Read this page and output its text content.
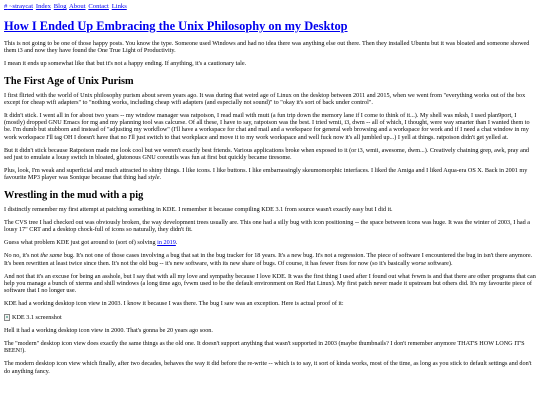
# ~straycat Index Blog About Contact Links
How I Ended Up Embracing the Unix Philosophy on my Desktop

This is not going to be one of those happy posts. You know the type. Someone used Windows and had no idea there was anything else out there. Then they installed Ubuntu but it was bloated and someone showed them i3 and now they have found the One True Light of Productivity.

I mean it ends up somewhat like that but it's not a happy ending. If anything, it's a cautionary tale.

The First Age of Unix Purism

I first flirted with the world of Unix philosophy purism about seven years ago. It was during that weird age of Linux on the desktop between 2011 and 2015, when we went from "everything works out of the box except for cheap wifi adapters" to "nothing works, including cheap wifi adapters (and especially not sound)" to "okay it's sort of back under control".

It didn't stick. I went all in for about two years -- my window manager was ratpoison, I read mail with mutt (a fun trip down the memory lane if I come to think of it...). My shell was mksh, I used plan9port, I (mostly) dropped GNU Emacs for mg and my planning tool was calcurse. Of all these, I have to say, ratpoison was the best. I tried wmii, i3, dwm -- all of which, I thought, were way smarter than I wanted them to be. I'm dumb but stubborn and instead of "adjusting my workflow" (I'll have a workspace for chat and mail and a workspace for general web browsing and a workspace for work and if I need a chat window in my work workspace I'll tag OH I doesn't have that no I'll just switch to that workplace and move it to my work workspace and well fuck now it's all jumbled up...) I yell at things. ratpoison didn't get yelled at.

But it didn't stick because Ratpoison made me look cool but we weren't exactly best friends. Various applications broke when exposed to it (or i3, wmii, awesome, dwm...). Creatively chaining grep, awk, pray and sed just to emulate a lousy switch in bloated, glutonous GNU coreutils was fun at first but quickly became tiresome.

Plus, look, I'm weak and superficial and much attracted to shiny things. I like icons. I like buttons. I like embarrassingly skeumomorphic interfaces. I liked the Amiga and I liked Aqua-era OS X. Back in 2001 my favourite MP3 player was Sonique because that thing had style.

Wrestling in the mud with a pig

I distinctly remember my first attempt at patching something in KDE. I remember it because compiling KDE 3.1 from source wasn't exactly easy but I did it.

The CVS tree I had checked out was obviously broken, the way development trees usually are. This one had a silly bug with icon positioning -- the space between icons was huge. It was the winter of 2003, I had a lousy 17" CRT and a desktop chock-full of icons so naturally, they didn't fit.

Guess what problem KDE just got around to (sort of) solving in 2019.

No no, it's not the same bug. It's not one of those cases involving a bug that sat in the bug tracker for 18 years. It's a new bug. It's not a regression. The piece of software I encountered the bug in isn't there anymore. It's been rewritten at least twice since then. It's not the old bug -- it's new software, with its new share of bugs. Of course, it has fewer fixes for now (so it's basically worse software).

And not that it's an excuse for being an asshole, but I say that with all my love and sympathy because I love KDE. It was the first thing I used after I found out what fvwm is and that there are other programs that can help you manage a bunch of xterms and shill windows (a long time ago, fvwm used to be the default environment on Red Hat Linux). My first patch never made it upstream but others did. It's my favourite piece of software that I no longer use.

KDE had a working desktop icon view in 2003. I know it because I was there. The bug I saw was an exception. Here is actual proof of it:

KDE 3.1 screenshot

Hell it had a working desktop icon view in 2000. That's gonna be 20 years ago soon.

The "modern" desktop icon view does exactly the same things as the old one. It doesn't support anything that wasn't supported in 2003 (maybe thumbnails? I don't remember anymore THAT'S HOW LONG IT'S BEEN!).

The modern desktop icon view which finally, after two decades, behaves the way it did before the re-write -- which is to say, it sort of kinda works, most of the time, as long as you stick to default settings and don't do anything fancy.
